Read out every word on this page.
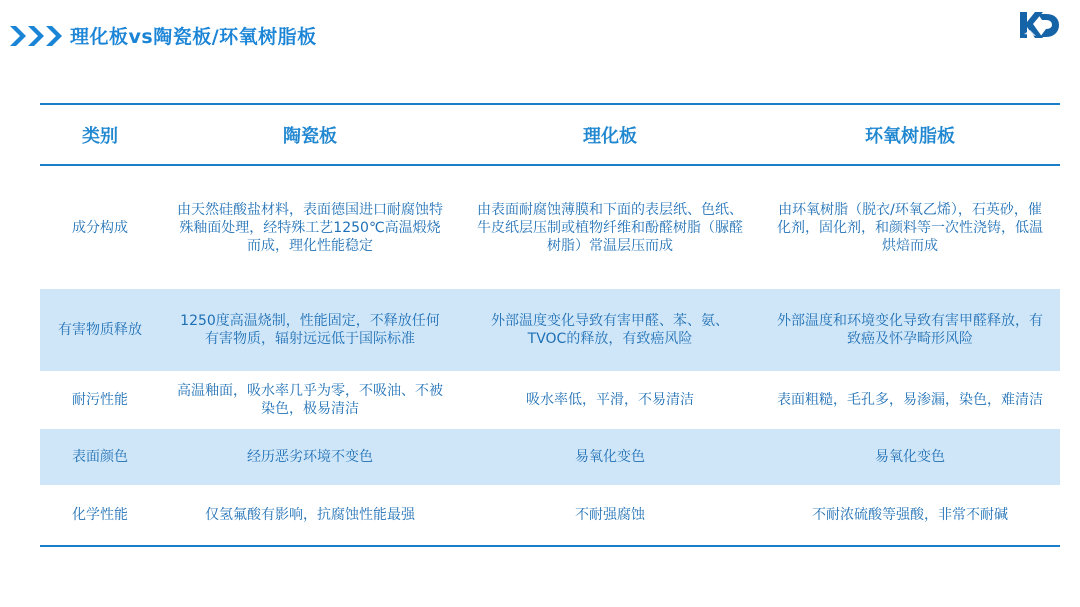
理化板vs陶瓷板/环氧树脂板
类别	陶瓷板	理化板	环氧树脂板
成分构成	由天然硅酸盐材料，表面德国进口耐腐蚀特殊釉面处理，经特殊工艺1250℃高温煅烧而成，理化性能稳定	由表面耐腐蚀薄膜和下面的表层纸、色纸、牛皮纸层压制或植物纤维和酚醛树脂（脲醛树脂）常温层压而成	由环氧树脂（脱衣/环氧乙烯），石英砂，催化剂，固化剂，和颜料等一次性浇铸，低温烘焙而成
有害物质释放	1250度高温烧制，性能固定，不释放任何有害物质，辐射远远低于国际标准	外部温度变化导致有害甲醛、苯、氨、TVOC的释放，有致癌风险	外部温度和环境变化导致有害甲醛释放，有致癌及怀孕畸形风险
耐污性能	高温釉面，吸水率几乎为零，不吸油、不被染色，极易清洁	吸水率低，平滑，不易清洁	表面粗糙，毛孔多，易渗漏，染色，难清洁
表面颜色	经历恶劣环境不变色	易氧化变色	易氧化变色
化学性能	仅氢氟酸有影响，抗腐蚀性能最强	不耐强腐蚀	不耐浓硫酸等强酸，非常不耐碱
